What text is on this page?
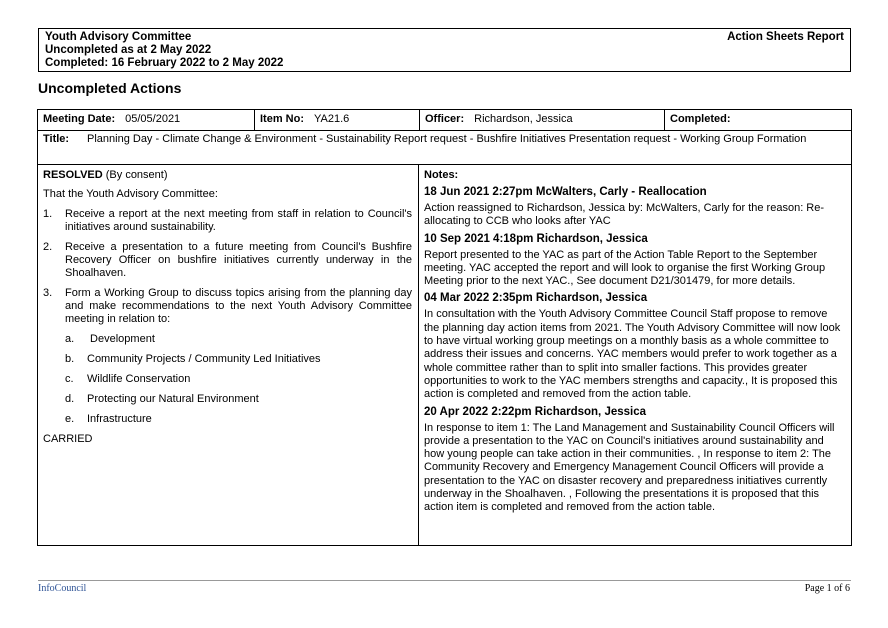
Youth Advisory Committee
Uncompleted as at 2 May 2022
Completed: 16 February 2022 to 2 May 2022
Action Sheets Report
Uncompleted Actions
Meeting Date: 05/05/2021	Item No: YA21.6	Officer: Richardson, Jessica	Completed:
Title:	Planning Day - Climate Change & Environment - Sustainability Report request - Bushfire Initiatives Presentation request - Working Group Formation
RESOLVED (By consent)
That the Youth Advisory Committee:
1.	Receive a report at the next meeting from staff in relation to Council's initiatives around sustainability.
2.	Receive a presentation to a future meeting from Council's Bushfire Recovery Officer on bushfire initiatives currently underway in the Shoalhaven.
3.	Form a Working Group to discuss topics arising from the planning day and make recommendations to the next Youth Advisory Committee meeting in relation to:
a.	Development
b.	Community Projects / Community Led Initiatives
c.	Wildlife Conservation
d.	Protecting our Natural Environment
e.	Infrastructure
CARRIED
Notes:
18 Jun 2021 2:27pm McWalters, Carly - Reallocation
Action reassigned to Richardson, Jessica by: McWalters, Carly for the reason: Re-allocating to CCB who looks after YAC
10 Sep 2021 4:18pm Richardson, Jessica
Report presented to the YAC as part of the Action Table Report to the September meeting. YAC accepted the report and will look to organise the first Working Group Meeting prior to the next YAC., See document D21/301479, for more details.
04 Mar 2022 2:35pm Richardson, Jessica
In consultation with the Youth Advisory Committee Council Staff propose to remove the planning day action items from 2021. The Youth Advisory Committee will now look to have virtual working group meetings on a monthly basis as a whole committee to address their issues and concerns. YAC members would prefer to work together as a whole committee rather than to split into smaller factions. This provides greater opportunities to work to the YAC members strengths and capacity., It is proposed this action is completed and removed from the action table.
20 Apr 2022 2:22pm Richardson, Jessica
In response to item 1: The Land Management and Sustainability Council Officers will provide a presentation to the YAC on Council's initiatives around sustainability and how young people can take action in their communities. , In response to item 2: The Community Recovery and Emergency Management Council Officers will provide a presentation to the YAC on disaster recovery and preparedness initiatives currently underway in the Shoalhaven. , Following the presentations it is proposed that this action item is completed and removed from the action table.
InfoCouncil	Page 1 of 6
